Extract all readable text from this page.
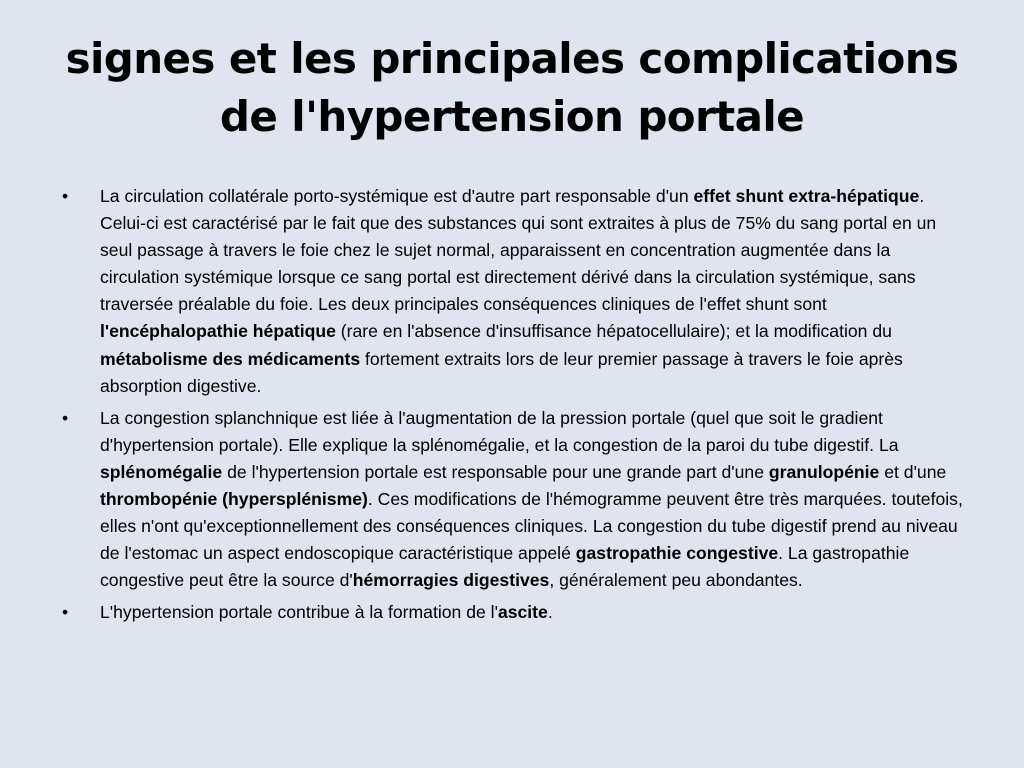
signes et les principales complications
de l'hypertension portale
•	La circulation collatérale porto-systémique est d'autre part responsable d'un effet shunt extra-hépatique. Celui-ci est caractérisé par le fait que des substances qui sont extraites à plus de 75% du sang portal en un seul passage à travers le foie chez le sujet normal, apparaissent en concentration augmentée dans la circulation systémique lorsque ce sang portal est directement dérivé dans la circulation systémique, sans traversée préalable du foie. Les deux principales conséquences cliniques de l'effet shunt sont l'encéphalopathie hépatique (rare en l'absence d'insuffisance hépatocellulaire); et la modification du métabolisme des médicaments fortement extraits lors de leur premier passage à travers le foie après absorption digestive.
•	La congestion splanchnique est liée à l'augmentation de la pression portale (quel que soit le gradient d'hypertension portale). Elle explique la splénomégalie, et la congestion de la paroi du tube digestif. La splénomégalie de l'hypertension portale est responsable pour une grande part d'une granulopénie et d'une thrombopénie (hypersplénisme). Ces modifications de l'hémogramme peuvent être très marquées. toutefois, elles n'ont qu'exceptionnellement des conséquences cliniques. La congestion du tube digestif prend au niveau de l'estomac un aspect endoscopique caractéristique appelé gastropathie congestive. La gastropathie congestive peut être la source d'hémorragies digestives, généralement peu abondantes.
•	L'hypertension portale contribue à la formation de l'ascite.
